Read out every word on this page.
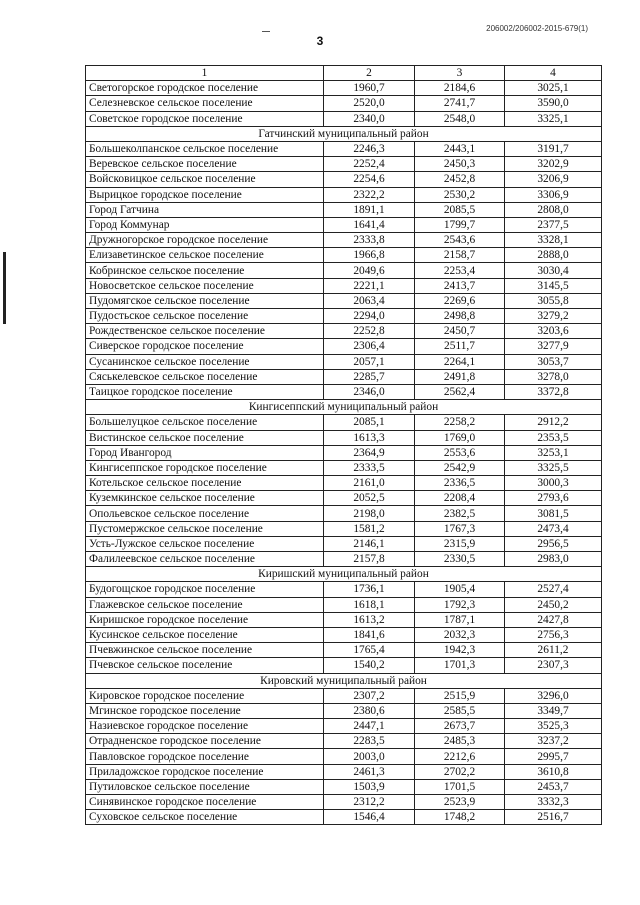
206002/206002-2015-679(1)
3
1	2	3	4
Светогорское городское поселение	1960,7	2184,6	3025,1
Селезневское сельское поселение	2520,0	2741,7	3590,0
Советское городское поселение	2340,0	2548,0	3325,1
Гатчинский муниципальный район			
Большеколпанское сельское поселение	2246,3	2443,1	3191,7
Веревское сельское поселение	2252,4	2450,3	3202,9
Войсковицкое сельское поселение	2254,6	2452,8	3206,9
Вырицкое городское поселение	2322,2	2530,2	3306,9
Город Гатчина	1891,1	2085,5	2808,0
Город Коммунар	1641,4	1799,7	2377,5
Дружногорское городское поселение	2333,8	2543,6	3328,1
Елизаветинское сельское поселение	1966,8	2158,7	2888,0
Кобринское сельское поселение	2049,6	2253,4	3030,4
Новосветское сельское поселение	2221,1	2413,7	3145,5
Пудомягское сельское поселение	2063,4	2269,6	3055,8
Пудостьское сельское поселение	2294,0	2498,8	3279,2
Рождественское сельское поселение	2252,8	2450,7	3203,6
Сиверское городское поселение	2306,4	2511,7	3277,9
Сусанинское сельское поселение	2057,1	2264,1	3053,7
Сяськелевское сельское поселение	2285,7	2491,8	3278,0
Таицкое городское поселение	2346,0	2562,4	3372,8
Кингисеппский муниципальный район			
Большелуцкое сельское поселение	2085,1	2258,2	2912,2
Вистинское сельское поселение	1613,3	1769,0	2353,5
Город Ивангород	2364,9	2553,6	3253,1
Кингисеппское городское поселение	2333,5	2542,9	3325,5
Котельское сельское поселение	2161,0	2336,5	3000,3
Куземкинское сельское поселение	2052,5	2208,4	2793,6
Опольевское сельское поселение	2198,0	2382,5	3081,5
Пустомержское сельское поселение	1581,2	1767,3	2473,4
Усть-Лужское сельское поселение	2146,1	2315,9	2956,5
Фалилеевское сельское поселение	2157,8	2330,5	2983,0
Киришский муниципальный район			
Будогощское городское поселение	1736,1	1905,4	2527,4
Глажевское сельское поселение	1618,1	1792,3	2450,2
Киришское городское поселение	1613,2	1787,1	2427,8
Кусинское сельское поселение	1841,6	2032,3	2756,3
Пчевжинское сельское поселение	1765,4	1942,3	2611,2
Пчевское сельское поселение	1540,2	1701,3	2307,3
Кировский муниципальный район			
Кировское городское поселение	2307,2	2515,9	3296,0
Мгинское городское поселение	2380,6	2585,5	3349,7
Назиевское городское поселение	2447,1	2673,7	3525,3
Отрадненское городское поселение	2283,5	2485,3	3237,2
Павловское городское поселение	2003,0	2212,6	2995,7
Приладожское городское поселение	2461,3	2702,2	3610,8
Путиловское сельское поселение	1503,9	1701,5	2453,7
Синявинское городское поселение	2312,2	2523,9	3332,3
Суховское сельское поселение	1546,4	1748,2	2516,7
